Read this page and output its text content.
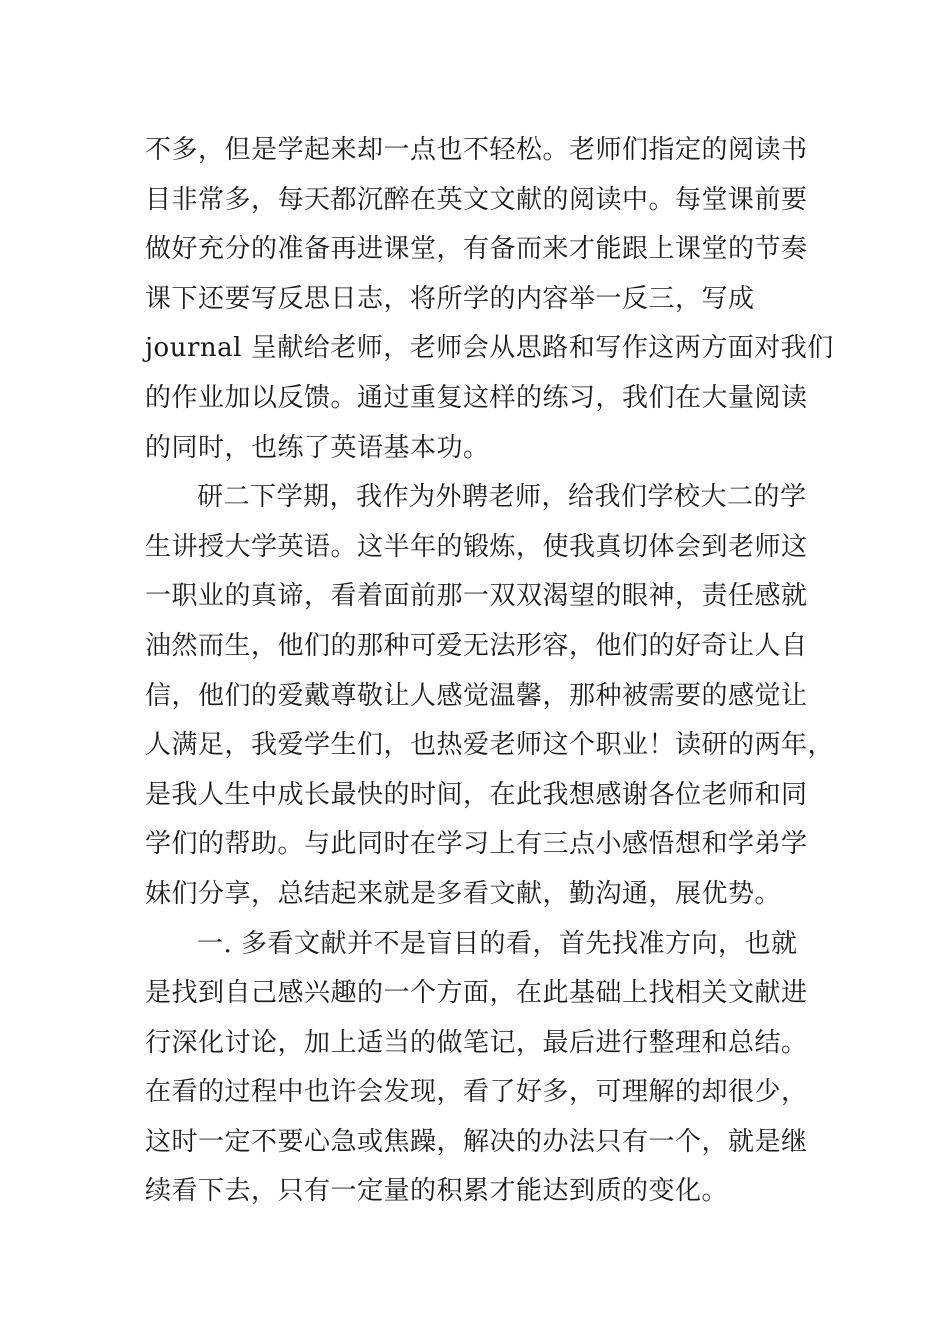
不多，但是学起来却一点也不轻松。老师们指定的阅读书
目非常多，每天都沉醉在英文文献的阅读中。每堂课前要
做好充分的准备再进课堂，有备而来才能跟上课堂的节奏
课下还要写反思日志，将所学的内容举一反三，写成
journal 呈献给老师，老师会从思路和写作这两方面对我们
的作业加以反馈。通过重复这样的练习，我们在大量阅读
的同时，也练了英语基本功。
研二下学期，我作为外聘老师，给我们学校大二的学
生讲授大学英语。这半年的锻炼，使我真切体会到老师这
一职业的真谛，看着面前那一双双渴望的眼神，责任感就
油然而生，他们的那种可爱无法形容，他们的好奇让人自
信，他们的爱戴尊敬让人感觉温馨，那种被需要的感觉让
人满足，我爱学生们，也热爱老师这个职业！读研的两年，
是我人生中成长最快的时间，在此我想感谢各位老师和同
学们的帮助。与此同时在学习上有三点小感悟想和学弟学
妹们分享，总结起来就是多看文献，勤沟通，展优势。
一. 多看文献并不是盲目的看，首先找准方向，也就
是找到自己感兴趣的一个方面，在此基础上找相关文献进
行深化讨论，加上适当的做笔记，最后进行整理和总结。
在看的过程中也许会发现，看了好多，可理解的却很少，
这时一定不要心急或焦躁，解决的办法只有一个，就是继
续看下去，只有一定量的积累才能达到质的变化。
